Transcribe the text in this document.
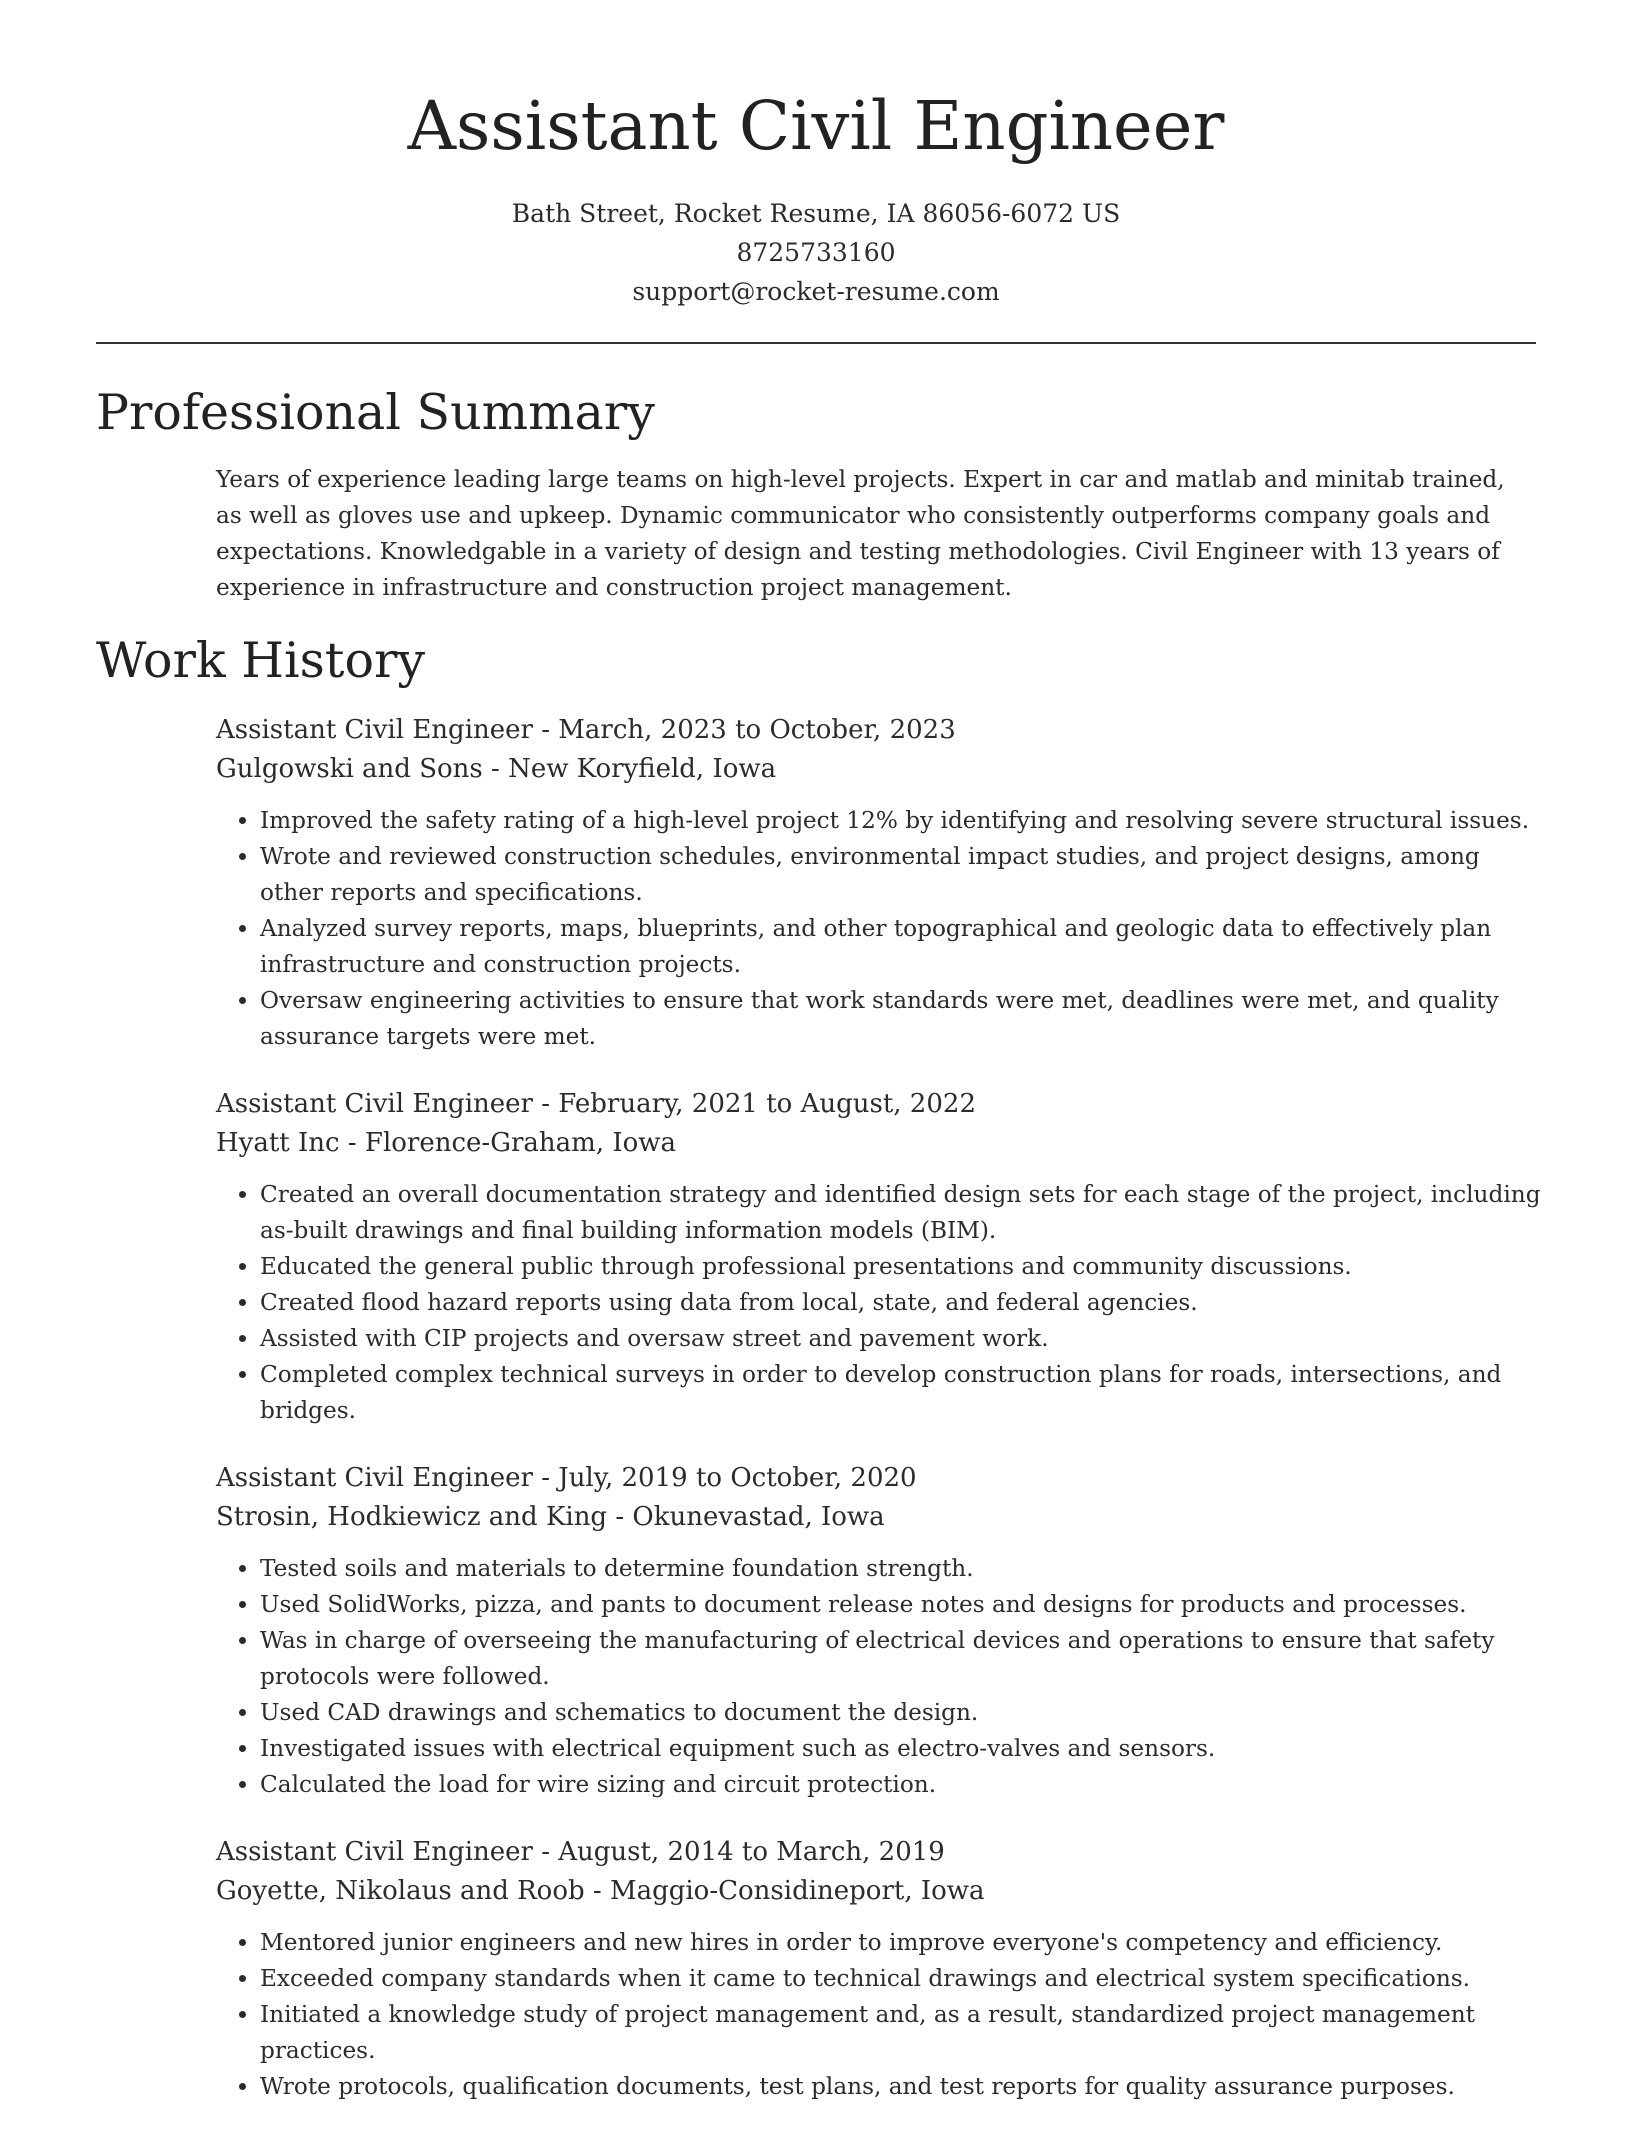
Assistant Civil Engineer
Bath Street, Rocket Resume, IA 86056-6072 US
8725733160
support@rocket-resume.com
Professional Summary

Years of experience leading large teams on high-level projects. Expert in car and matlab and minitab trained, as well as gloves use and upkeep. Dynamic communicator who consistently outperforms company goals and expectations. Knowledgable in a variety of design and testing methodologies. Civil Engineer with 13 years of experience in infrastructure and construction project management.

Work History
Assistant Civil Engineer - March, 2023 to October, 2023
Gulgowski and Sons - New Koryfield, Iowa
• Improved the safety rating of a high-level project 12% by identifying and resolving severe structural issues.
• Wrote and reviewed construction schedules, environmental impact studies, and project designs, among other reports and specifications.
• Analyzed survey reports, maps, blueprints, and other topographical and geologic data to effectively plan infrastructure and construction projects.
• Oversaw engineering activities to ensure that work standards were met, deadlines were met, and quality assurance targets were met.
Assistant Civil Engineer - February, 2021 to August, 2022
Hyatt Inc - Florence-Graham, Iowa
• Created an overall documentation strategy and identified design sets for each stage of the project, including as-built drawings and final building information models (BIM).
• Educated the general public through professional presentations and community discussions.
• Created flood hazard reports using data from local, state, and federal agencies.
• Assisted with CIP projects and oversaw street and pavement work.
• Completed complex technical surveys in order to develop construction plans for roads, intersections, and bridges.
Assistant Civil Engineer - July, 2019 to October, 2020
Strosin, Hodkiewicz and King - Okunevastad, Iowa
• Tested soils and materials to determine foundation strength.
• Used SolidWorks, pizza, and pants to document release notes and designs for products and processes.
• Was in charge of overseeing the manufacturing of electrical devices and operations to ensure that safety protocols were followed.
• Used CAD drawings and schematics to document the design.
• Investigated issues with electrical equipment such as electro-valves and sensors.
• Calculated the load for wire sizing and circuit protection.
Assistant Civil Engineer - August, 2014 to March, 2019
Goyette, Nikolaus and Roob - Maggio-Considineport, Iowa
• Mentored junior engineers and new hires in order to improve everyone's competency and efficiency.
• Exceeded company standards when it came to technical drawings and electrical system specifications.
• Initiated a knowledge study of project management and, as a result, standardized project management practices.
• Wrote protocols, qualification documents, test plans, and test reports for quality assurance purposes.
